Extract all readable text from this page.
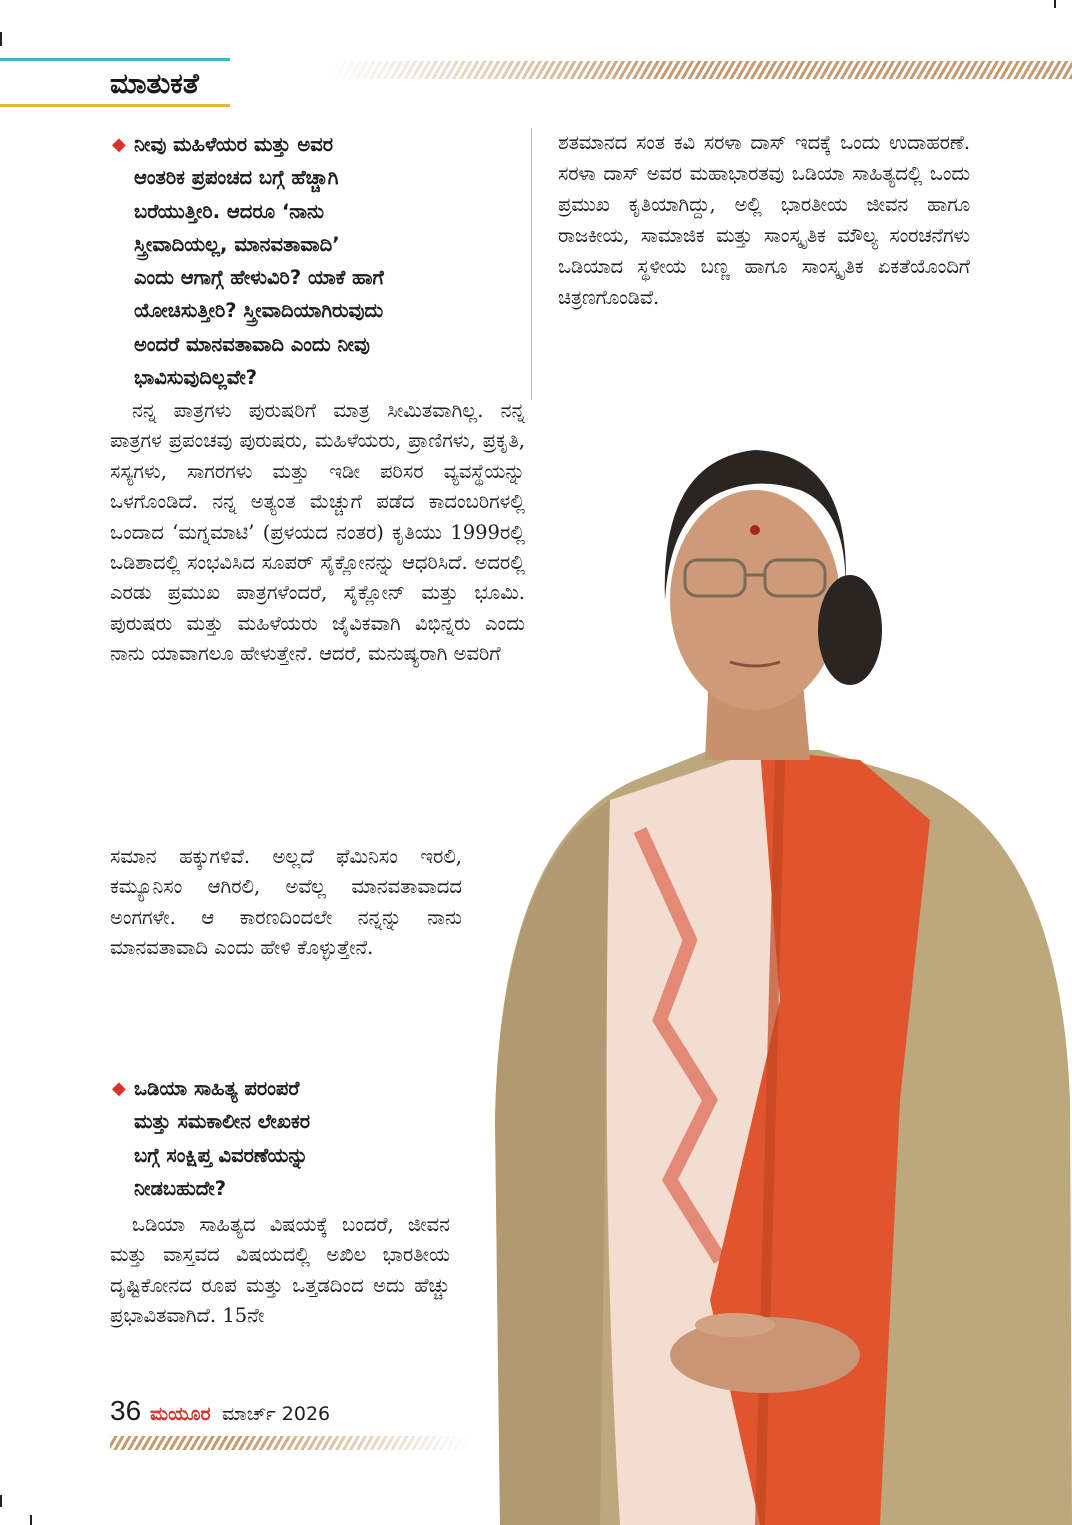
ಮಾತುಕತೆ
◆ ನೀವು ಮಹಿಳೆಯರ ಮತ್ತು ಅವರ
ಆಂತರಿಕ ಪ್ರಪಂಚದ ಬಗ್ಗೆ ಹೆಚ್ಚಾಗಿ
ಬರೆಯುತ್ತೀರಿ. ಆದರೂ ‘ನಾನು
ಸ್ತ್ರೀವಾದಿಯಲ್ಲ, ಮಾನವತಾವಾದಿ’
ಎಂದು ಆಗಾಗ್ಗೆ ಹೇಳುವಿರಿ? ಯಾಕೆ ಹಾಗೆ
ಯೋಚಿಸುತ್ತೀರಿ? ಸ್ತ್ರೀವಾದಿಯಾಗಿರುವುದು
ಅಂದರೆ ಮಾನವತಾವಾದಿ ಎಂದು ನೀವು
ಭಾವಿಸುವುದಿಲ್ಲವೇ?
ನನ್ನ ಪಾತ್ರಗಳು ಪುರುಷರಿಗೆ ಮಾತ್ರ ಸೀಮಿತವಾಗಿಲ್ಲ. ನನ್ನ ಪಾತ್ರಗಳ ಪ್ರಪಂಚವು ಪುರುಷರು, ಮಹಿಳೆಯರು, ಪ್ರಾಣಿಗಳು, ಪ್ರಕೃತಿ, ಸಸ್ಯಗಳು, ಸಾಗರಗಳು ಮತ್ತು ಇಡೀ ಪರಿಸರ ವ್ಯವಸ್ಥೆಯನ್ನು ಒಳಗೊಂಡಿದೆ. ನನ್ನ ಅತ್ಯಂತ ಮೆಚ್ಚುಗೆ ಪಡೆದ ಕಾದಂಬರಿಗಳಲ್ಲಿ ಒಂದಾದ ‘ಮಗ್ನಮಾಟಿ’ (ಪ್ರಳಯದ ನಂತರ) ಕೃತಿಯು 1999ರಲ್ಲಿ ಒಡಿಶಾದಲ್ಲಿ ಸಂಭವಿಸಿದ ಸೂಪರ್ ಸೈಕ್ಲೋನನ್ನು ಆಧರಿಸಿದೆ. ಅದರಲ್ಲಿ ಎರಡು ಪ್ರಮುಖ ಪಾತ್ರಗಳೆಂದರೆ, ಸೈಕ್ಲೋನ್ ಮತ್ತು ಭೂಮಿ. ಪುರುಷರು ಮತ್ತು ಮಹಿಳೆಯರು ಜೈವಿಕವಾಗಿ ವಿಭಿನ್ನರು ಎಂದು ನಾನು ಯಾವಾಗಲೂ ಹೇಳುತ್ತೇನೆ. ಆದರೆ, ಮನುಷ್ಯರಾಗಿ ಅವರಿಗೆ
ಸಮಾನ ಹಕ್ಕುಗಳಿವೆ. ಅಲ್ಲದೆ ಫೆಮಿನಿಸಂ ಇರಲಿ, ಕಮ್ಯೂನಿಸಂ ಆಗಿರಲಿ, ಅವೆಲ್ಲ ಮಾನವತಾವಾದದ ಅಂಗಗಳೇ. ಆ ಕಾರಣದಿಂದಲೇ ನನ್ನನ್ನು ನಾನು ಮಾನವತಾವಾದಿ ಎಂದು ಹೇಳಿ ಕೊಳ್ಳುತ್ತೇನೆ.
◆ ಒಡಿಯಾ ಸಾಹಿತ್ಯ ಪರಂಪರೆ
ಮತ್ತು ಸಮಕಾಲೀನ ಲೇಖಕರ
ಬಗ್ಗೆ ಸಂಕ್ಷಿಪ್ತ ವಿವರಣೆಯನ್ನು
ನೀಡಬಹುದೇ?
ಒಡಿಯಾ ಸಾಹಿತ್ಯದ ವಿಷಯಕ್ಕೆ ಬಂದರೆ, ಜೀವನ ಮತ್ತು ವಾಸ್ತವದ ವಿಷಯದಲ್ಲಿ ಅಖಿಲ ಭಾರತೀಯ ದೃಷ್ಟಿಕೋನದ ರೂಪ ಮತ್ತು ಒತ್ತಡದಿಂದ ಅದು ಹೆಚ್ಚು ಪ್ರಭಾವಿತವಾಗಿದೆ. 15ನೇ
ಶತಮಾನದ ಸಂತ ಕವಿ ಸರಳಾ ದಾಸ್ ಇದಕ್ಕೆ ಒಂದು ಉದಾಹರಣೆ. ಸರಳಾ ದಾಸ್ ಅವರ ಮಹಾಭಾರತವು ಒಡಿಯಾ ಸಾಹಿತ್ಯದಲ್ಲಿ ಒಂದು ಪ್ರಮುಖ ಕೃತಿಯಾಗಿದ್ದು, ಅಲ್ಲಿ ಭಾರತೀಯ ಜೀವನ ಹಾಗೂ ರಾಜಕೀಯ, ಸಾಮಾಜಿಕ ಮತ್ತು ಸಾಂಸ್ಕೃತಿಕ ಮೌಲ್ಯ ಸಂರಚನೆಗಳು ಒಡಿಯಾದ ಸ್ಥಳೀಯ ಬಣ್ಣ ಹಾಗೂ ಸಾಂಸ್ಕೃತಿಕ ಏಕತೆಯೊಂದಿಗೆ ಚಿತ್ರಣಗೊಂಡಿವೆ.
36 ಮಯೂರ ಮಾರ್ಚ್ 2026
